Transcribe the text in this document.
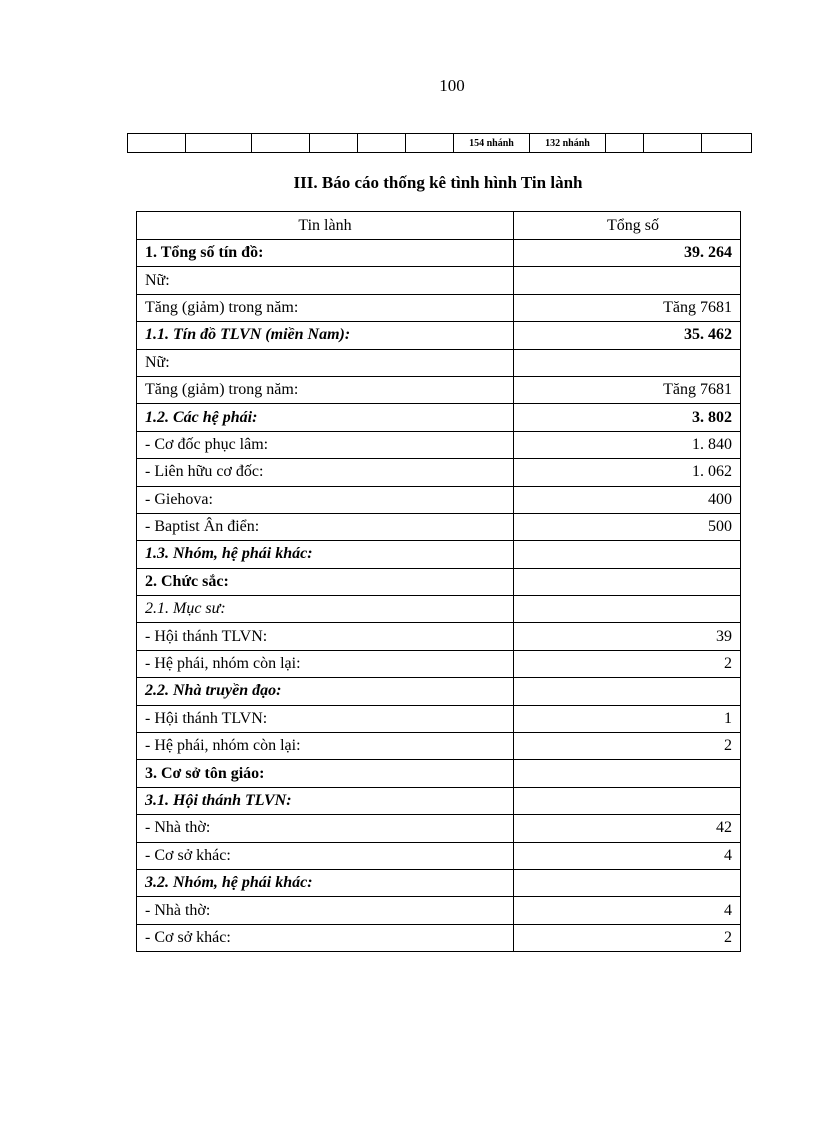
100
						154 nhánh	132 nhánh			
III. Báo cáo thống kê tình hình Tin lành
Tin lành	Tổng số
1. Tổng số tín đồ:	39. 264
Nữ:	
Tăng (giảm) trong năm:	Tăng 7681
1.1. Tín đồ TLVN (miền Nam):	35. 462
Nữ:	
Tăng (giảm) trong năm:	Tăng 7681
1.2. Các hệ phái:	3. 802
- Cơ đốc phục lâm:	1. 840
- Liên hữu cơ đốc:	1. 062
- Giehova:	400
- Baptist Ân điển:	500
1.3. Nhóm, hệ phái khác:	
2. Chức sắc:	
2.1. Mục sư:	
- Hội thánh TLVN:	39
- Hệ phái, nhóm còn lại:	2
2.2. Nhà truyền đạo:	
- Hội thánh TLVN:	1
- Hệ phái, nhóm còn lại:	2
3. Cơ sở tôn giáo:	
3.1. Hội thánh TLVN:	
- Nhà thờ:	42
- Cơ sở khác:	4
3.2. Nhóm, hệ phái khác:	
- Nhà thờ:	4
- Cơ sở khác:	2
